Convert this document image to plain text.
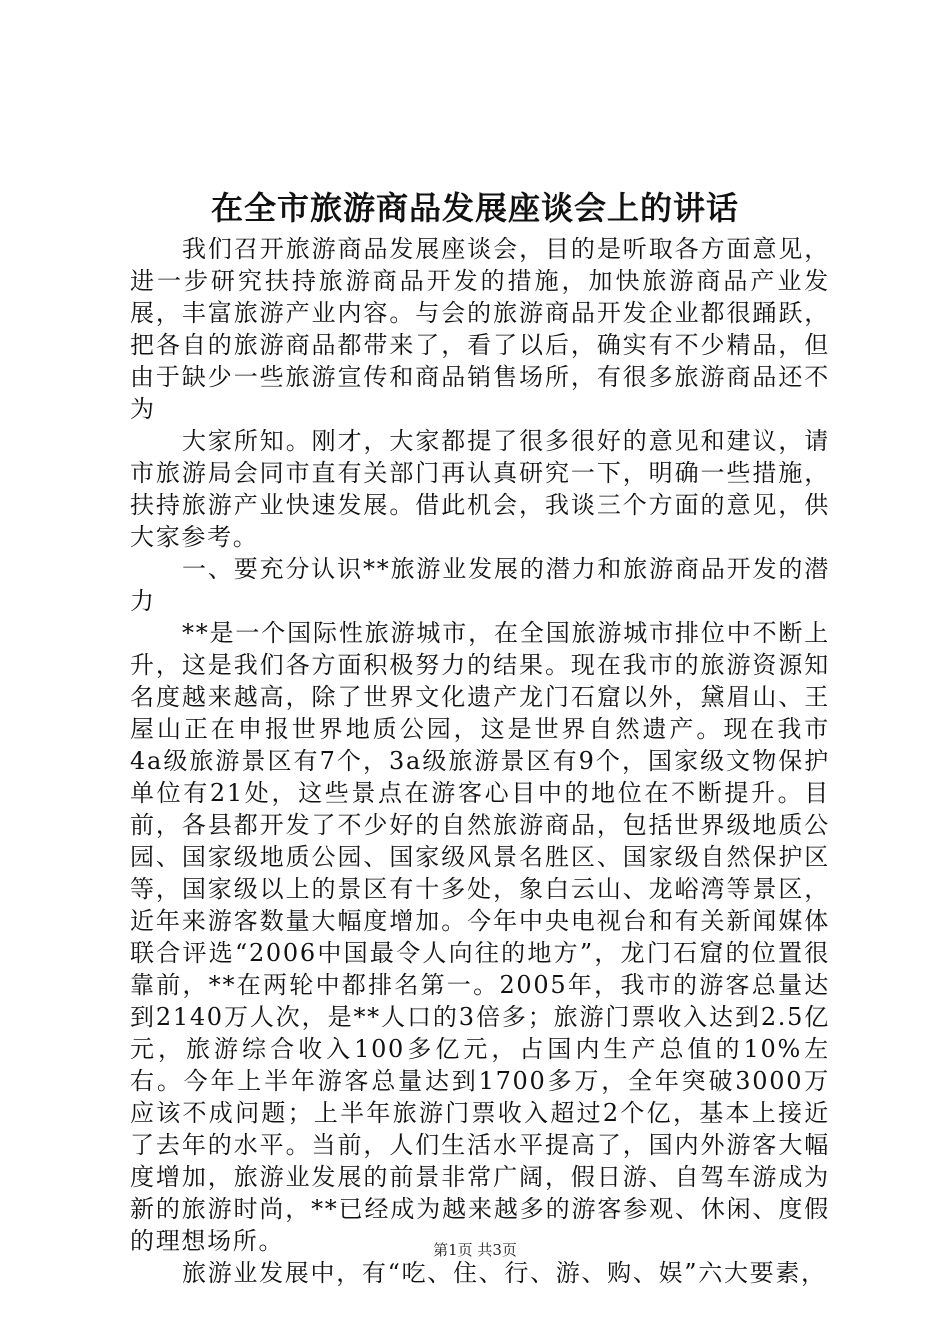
在全市旅游商品发展座谈会上的讲话

我们召开旅游商品发展座谈会，目的是听取各方面意见，进一步研究扶持旅游商品开发的措施，加快旅游商品产业发展，丰富旅游产业内容。与会的旅游商品开发企业都很踊跃，把各自的旅游商品都带来了，看了以后，确实有不少精品，但由于缺少一些旅游宣传和商品销售场所，有很多旅游商品还不为

大家所知。刚才，大家都提了很多很好的意见和建议，请市旅游局会同市直有关部门再认真研究一下，明确一些措施，扶持旅游产业快速发展。借此机会，我谈三个方面的意见，供大家参考。

一、要充分认识**旅游业发展的潜力和旅游商品开发的潜力

**是一个国际性旅游城市，在全国旅游城市排位中不断上升，这是我们各方面积极努力的结果。现在我市的旅游资源知名度越来越高，除了世界文化遗产龙门石窟以外，黛眉山、王屋山正在申报世界地质公园，这是世界自然遗产。现在我市4a级旅游景区有7个，3a级旅游景区有9个，国家级文物保护单位有21处，这些景点在游客心目中的地位在不断提升。目前，各县都开发了不少好的自然旅游商品，包括世界级地质公园、国家级地质公园、国家级风景名胜区、国家级自然保护区等，国家级以上的景区有十多处，象白云山、龙峪湾等景区，近年来游客数量大幅度增加。今年中央电视台和有关新闻媒体联合评选“2006中国最令人向往的地方”，龙门石窟的位置很靠前，**在两轮中都排名第一。2005年，我市的游客总量达到2140万人次，是**人口的3倍多；旅游门票收入达到2.5亿元，旅游综合收入100多亿元，占国内生产总值的10%左右。今年上半年游客总量达到1700多万，全年突破3000万应该不成问题；上半年旅游门票收入超过2个亿，基本上接近了去年的水平。当前，人们生活水平提高了，国内外游客大幅度增加，旅游业发展的前景非常广阔，假日游、自驾车游成为新的旅游时尚，**已经成为越来越多的游客参观、休闲、度假的理想场所。

旅游业发展中，有“吃、住、行、游、购、娱”六大要素，

第1页 共3页
